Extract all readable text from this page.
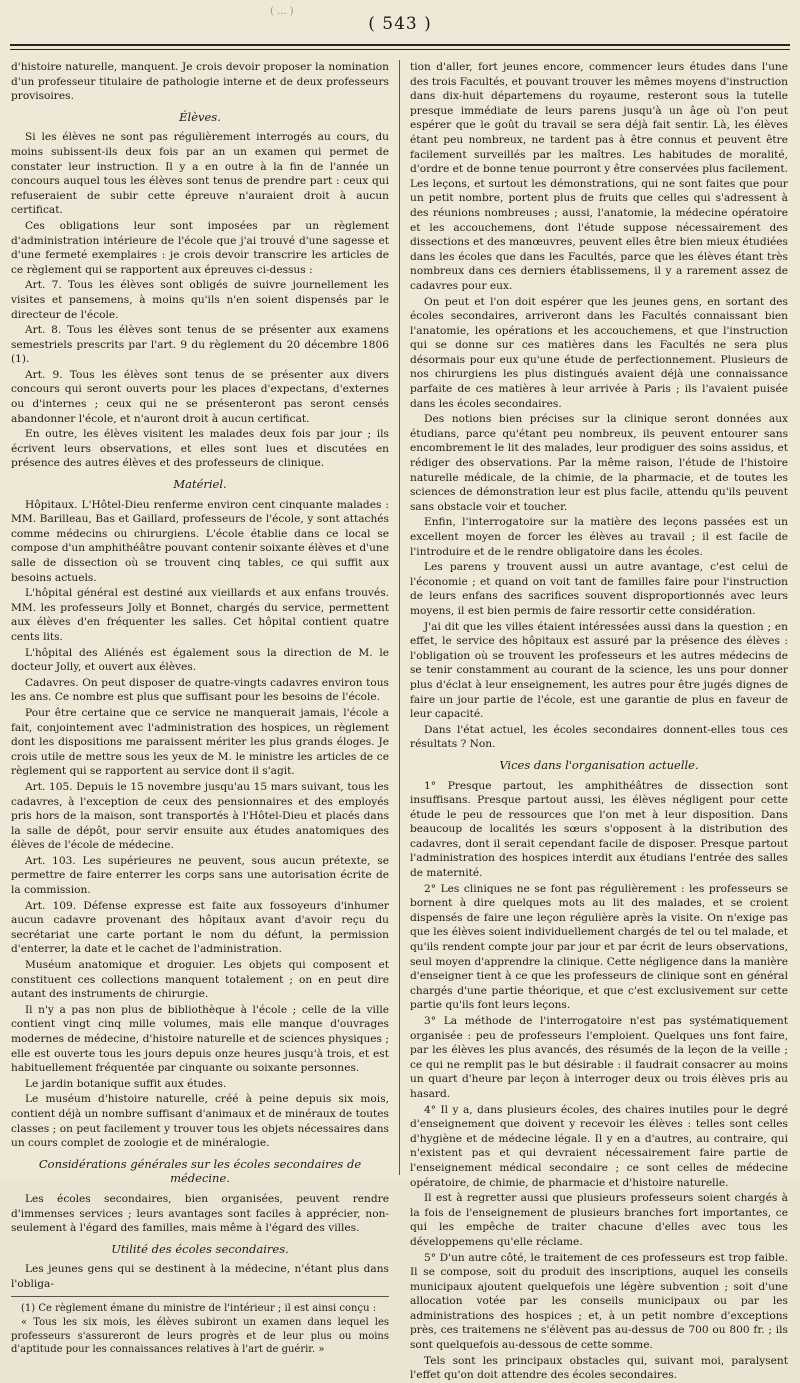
( ... )
( 543 )

d'histoire naturelle, manquent. Je crois devoir proposer la nomination d'un professeur titulaire de pathologie interne et de deux professeurs provisoires.

Élèves.

Si les élèves ne sont pas régulièrement interrogés au cours, du moins subissent-ils deux fois par an un examen qui permet de constater leur instruction. Il y a en outre à la fin de l'année un concours auquel tous les élèves sont tenus de prendre part : ceux qui refuseraient de subir cette épreuve n'auraient droit à aucun certificat.

Ces obligations leur sont imposées par un règlement d'administration intérieure de l'école que j'ai trouvé d'une sagesse et d'une fermeté exemplaires : je crois devoir transcrire les articles de ce règlement qui se rapportent aux épreuves ci-dessus :

Art. 7. Tous les élèves sont obligés de suivre journellement les visites et pansemens, à moins qu'ils n'en soient dispensés par le directeur de l'école.

Art. 8. Tous les élèves sont tenus de se présenter aux examens semestriels prescrits par l'art. 9 du règlement du 20 décembre 1806 (1).

Art. 9. Tous les élèves sont tenus de se présenter aux divers concours qui seront ouverts pour les places d'expectans, d'externes ou d'internes ; ceux qui ne se présenteront pas seront censés abandonner l'école, et n'auront droit à aucun certificat.

En outre, les élèves visitent les malades deux fois par jour ; ils écrivent leurs observations, et elles sont lues et discutées en présence des autres élèves et des professeurs de clinique.

Matériel.

Hôpitaux. L'Hôtel-Dieu renferme environ cent cinquante malades : MM. Barilleau, Bas et Gaillard, professeurs de l'école, y sont attachés comme médecins ou chirurgiens. L'école établie dans ce local se compose d'un amphithéâtre pouvant contenir soixante élèves et d'une salle de dissection où se trouvent cinq tables, ce qui suffit aux besoins actuels.

L'hôpital général est destiné aux vieillards et aux enfans trouvés. MM. les professeurs Jolly et Bonnet, chargés du service, permettent aux élèves d'en fréquenter les salles. Cet hôpital contient quatre cents lits.

L'hôpital des Aliénés est également sous la direction de M. le docteur Jolly, et ouvert aux élèves.

Cadavres. On peut disposer de quatre-vingts cadavres environ tous les ans. Ce nombre est plus que suffisant pour les besoins de l'école.

Pour être certaine que ce service ne manquerait jamais, l'école a fait, conjointement avec l'administration des hospices, un règlement dont les dispositions me paraissent mériter les plus grands éloges. Je crois utile de mettre sous les yeux de M. le ministre les articles de ce règlement qui se rapportent au service dont il s'agit.

Art. 105. Depuis le 15 novembre jusqu'au 15 mars suivant, tous les cadavres, à l'exception de ceux des pensionnaires et des employés pris hors de la maison, sont transportés à l'Hôtel-Dieu et placés dans la salle de dépôt, pour servir ensuite aux études anatomiques des élèves de l'école de médecine.

Art. 103. Les supérieures ne peuvent, sous aucun prétexte, se permettre de faire enterrer les corps sans une autorisation écrite de la commission.

Art. 109. Défense expresse est faite aux fossoyeurs d'inhumer aucun cadavre provenant des hôpitaux avant d'avoir reçu du secrétariat une carte portant le nom du défunt, la permission d'enterrer, la date et le cachet de l'administration.

Muséum anatomique et droguier. Les objets qui composent et constituent ces collections manquent totalement ; on en peut dire autant des instruments de chirurgie.

Il n'y a pas non plus de bibliothèque à l'école ; celle de la ville contient vingt cinq mille volumes, mais elle manque d'ouvrages modernes de médecine, d'histoire naturelle et de sciences physiques ; elle est ouverte tous les jours depuis onze heures jusqu'à trois, et est habituellement fréquentée par cinquante ou soixante personnes.

Le jardin botanique suffit aux études.

Le muséum d'histoire naturelle, créé à peine depuis six mois, contient déjà un nombre suffisant d'animaux et de minéraux de toutes classes ; on peut facilement y trouver tous les objets nécessaires dans un cours complet de zoologie et de minéralogie.

Considérations générales sur les écoles secondaires de médecine.

Les écoles secondaires, bien organisées, peuvent rendre d'immenses services ; leurs avantages sont faciles à apprécier, non-seulement à l'égard des familles, mais même à l'égard des villes.

Utilité des écoles secondaires.

Les jeunes gens qui se destinent à la médecine, n'étant plus dans l'obliga-

(1) Ce règlement émane du ministre de l'intérieur ; il est ainsi conçu :

« Tous les six mois, les élèves subiront un examen dans lequel les professeurs s'assureront de leurs progrès et de leur plus ou moins d'aptitude pour les connaissances relatives à l'art de guérir. »

tion d'aller, fort jeunes encore, commencer leurs études dans l'une des trois Facultés, et pouvant trouver les mêmes moyens d'instruction dans dix-huit départemens du royaume, resteront sous la tutelle presque immédiate de leurs parens jusqu'à un âge où l'on peut espérer que le goût du travail se sera déjà fait sentir. Là, les élèves étant peu nombreux, ne tardent pas à être connus et peuvent être facilement surveillés par les maîtres. Les habitudes de moralité, d'ordre et de bonne tenue pourront y être conservées plus facilement. Les leçons, et surtout les démonstrations, qui ne sont faites que pour un petit nombre, portent plus de fruits que celles qui s'adressent à des réunions nombreuses ; aussi, l'anatomie, la médecine opératoire et les accouchemens, dont l'étude suppose nécessairement des dissections et des manœuvres, peuvent elles être bien mieux étudiées dans les écoles que dans les Facultés, parce que les élèves étant très nombreux dans ces derniers établissemens, il y a rarement assez de cadavres pour eux.

On peut et l'on doit espérer que les jeunes gens, en sortant des écoles secondaires, arriveront dans les Facultés connaissant bien l'anatomie, les opérations et les accouchemens, et que l'instruction qui se donne sur ces matières dans les Facultés ne sera plus désormais pour eux qu'une étude de perfectionnement. Plusieurs de nos chirurgiens les plus distingués avaient déjà une connaissance parfaite de ces matières à leur arrivée à Paris ; ils l'avaient puisée dans les écoles secondaires.

Des notions bien précises sur la clinique seront données aux étudians, parce qu'étant peu nombreux, ils peuvent entourer sans encombrement le lit des malades, leur prodiguer des soins assidus, et rédiger des observations. Par la même raison, l'étude de l'histoire naturelle médicale, de la chimie, de la pharmacie, et de toutes les sciences de démonstration leur est plus facile, attendu qu'ils peuvent sans obstacle voir et toucher.

Enfin, l'interrogatoire sur la matière des leçons passées est un excellent moyen de forcer les élèves au travail ; il est facile de l'introduire et de le rendre obligatoire dans les écoles.

Les parens y trouvent aussi un autre avantage, c'est celui de l'économie ; et quand on voit tant de familles faire pour l'instruction de leurs enfans des sacrifices souvent disproportionnés avec leurs moyens, il est bien permis de faire ressortir cette considération.

J'ai dit que les villes étaient intéressées aussi dans la question ; en effet, le service des hôpitaux est assuré par la présence des élèves : l'obligation où se trouvent les professeurs et les autres médecins de se tenir constamment au courant de la science, les uns pour donner plus d'éclat à leur enseignement, les autres pour être jugés dignes de faire un jour partie de l'école, est une garantie de plus en faveur de leur capacité.

Dans l'état actuel, les écoles secondaires donnent-elles tous ces résultats ? Non.

Vices dans l'organisation actuelle.

1° Presque partout, les amphithéâtres de dissection sont insuffisans. Presque partout aussi, les élèves négligent pour cette étude le peu de ressources que l'on met à leur disposition. Dans beaucoup de localités les sœurs s'opposent à la distribution des cadavres, dont il serait cependant facile de disposer. Presque partout l'administration des hospices interdit aux étudians l'entrée des salles de maternité.

2° Les cliniques ne se font pas régulièrement : les professeurs se bornent à dire quelques mots au lit des malades, et se croient dispensés de faire une leçon régulière après la visite. On n'exige pas que les élèves soient individuellement chargés de tel ou tel malade, et qu'ils rendent compte jour par jour et par écrit de leurs observations, seul moyen d'apprendre la clinique. Cette négligence dans la manière d'enseigner tient à ce que les professeurs de clinique sont en général chargés d'une partie théorique, et que c'est exclusivement sur cette partie qu'ils font leurs leçons.

3° La méthode de l'interrogatoire n'est pas systématiquement organisée : peu de professeurs l'emploient. Quelques uns font faire, par les élèves les plus avancés, des résumés de la leçon de la veille ; ce qui ne remplit pas le but désirable : il faudrait consacrer au moins un quart d'heure par leçon à interroger deux ou trois élèves pris au hasard.

4° Il y a, dans plusieurs écoles, des chaires inutiles pour le degré d'enseignement que doivent y recevoir les élèves : telles sont celles d'hygiène et de médecine légale. Il y en a d'autres, au contraire, qui n'existent pas et qui devraient nécessairement faire partie de l'enseignement médical secondaire ; ce sont celles de médecine opératoire, de chimie, de pharmacie et d'histoire naturelle.

Il est à regretter aussi que plusieurs professeurs soient chargés à la fois de l'enseignement de plusieurs branches fort importantes, ce qui les empêche de traiter chacune d'elles avec tous les développemens qu'elle réclame.

5° D'un autre côté, le traitement de ces professeurs est trop faible. Il se compose, soit du produit des inscriptions, auquel les conseils municipaux ajoutent quelquefois une légère subvention ; soit d'une allocation votée par les conseils municipaux ou par les administrations des hospices ; et, à un petit nombre d'exceptions près, ces traitemens ne s'élèvent pas au-dessus de 700 ou 800 fr. ; ils sont quelquefois au-dessous de cette somme.

Tels sont les principaux obstacles qui, suivant moi, paralysent l'effet qu'on doit attendre des écoles secondaires.
